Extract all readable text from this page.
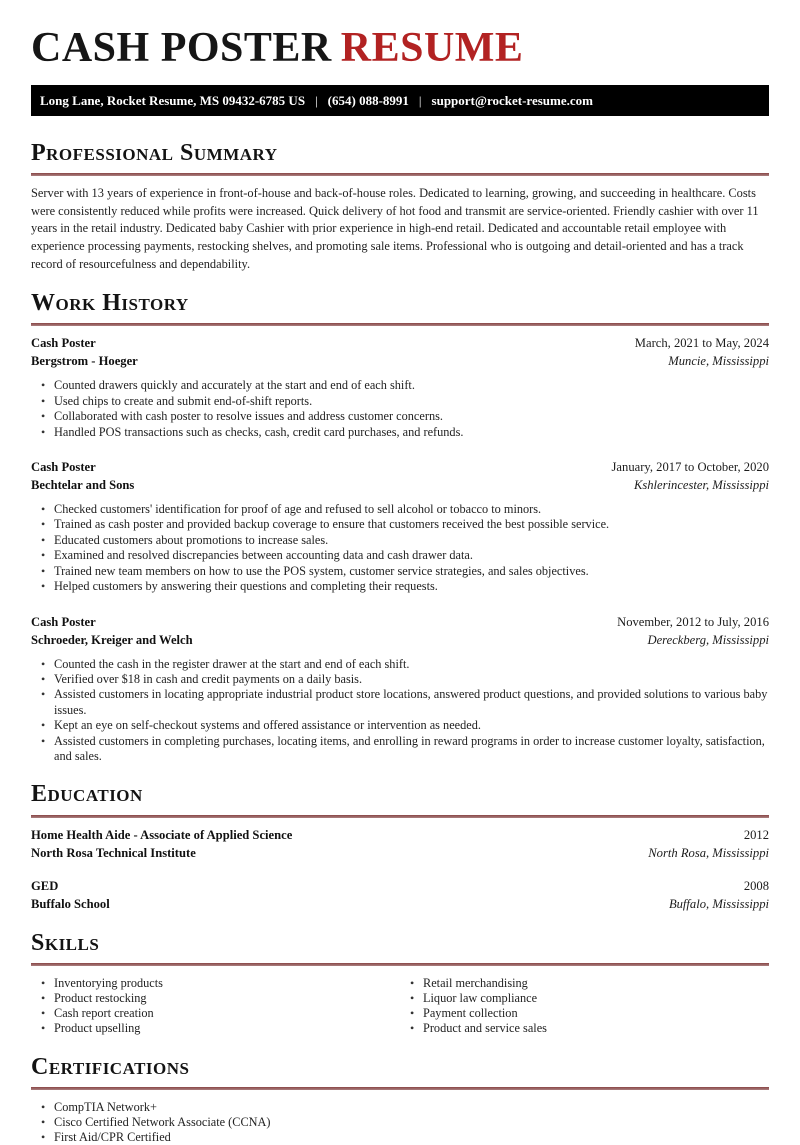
CASH POSTER RESUME
Long Lane, Rocket Resume, MS 09432-6785 US | (654) 088-8991 | support@rocket-resume.com
Professional Summary

Server with 13 years of experience in front-of-house and back-of-house roles. Dedicated to learning, growing, and succeeding in healthcare. Costs were consistently reduced while profits were increased. Quick delivery of hot food and transmit are service-oriented. Friendly cashier with over 11 years in the retail industry. Dedicated baby Cashier with prior experience in high-end retail. Dedicated and accountable retail employee with experience processing payments, restocking shelves, and promoting sale items. Professional who is outgoing and detail-oriented and has a track record of resourcefulness and dependability.

Work History
Cash Poster	March, 2021 to May, 2024
Bergstrom - Hoeger	Muncie, Mississippi
• Counted drawers quickly and accurately at the start and end of each shift.
• Used chips to create and submit end-of-shift reports.
• Collaborated with cash poster to resolve issues and address customer concerns.
• Handled POS transactions such as checks, cash, credit card purchases, and refunds.
Cash Poster	January, 2017 to October, 2020
Bechtelar and Sons	Kshlerincester, Mississippi
• Checked customers' identification for proof of age and refused to sell alcohol or tobacco to minors.
• Trained as cash poster and provided backup coverage to ensure that customers received the best possible service.
• Educated customers about promotions to increase sales.
• Examined and resolved discrepancies between accounting data and cash drawer data.
• Trained new team members on how to use the POS system, customer service strategies, and sales objectives.
• Helped customers by answering their questions and completing their requests.
Cash Poster	November, 2012 to July, 2016
Schroeder, Kreiger and Welch	Dereckberg, Mississippi
• Counted the cash in the register drawer at the start and end of each shift.
• Verified over $18 in cash and credit payments on a daily basis.
• Assisted customers in locating appropriate industrial product store locations, answered product questions, and provided solutions to various baby issues.
• Kept an eye on self-checkout systems and offered assistance or intervention as needed.
• Assisted customers in completing purchases, locating items, and enrolling in reward programs in order to increase customer loyalty, satisfaction, and sales.
Education
Home Health Aide - Associate of Applied Science	2012
North Rosa Technical Institute	North Rosa, Mississippi
GED	2008
Buffalo School	Buffalo, Mississippi
Skills
• Inventorying products
• Product restocking
• Cash report creation
• Product upselling
• Retail merchandising
• Liquor law compliance
• Payment collection
• Product and service sales
Certifications
• CompTIA Network+
• Cisco Certified Network Associate (CCNA)
• First Aid/CPR Certified
